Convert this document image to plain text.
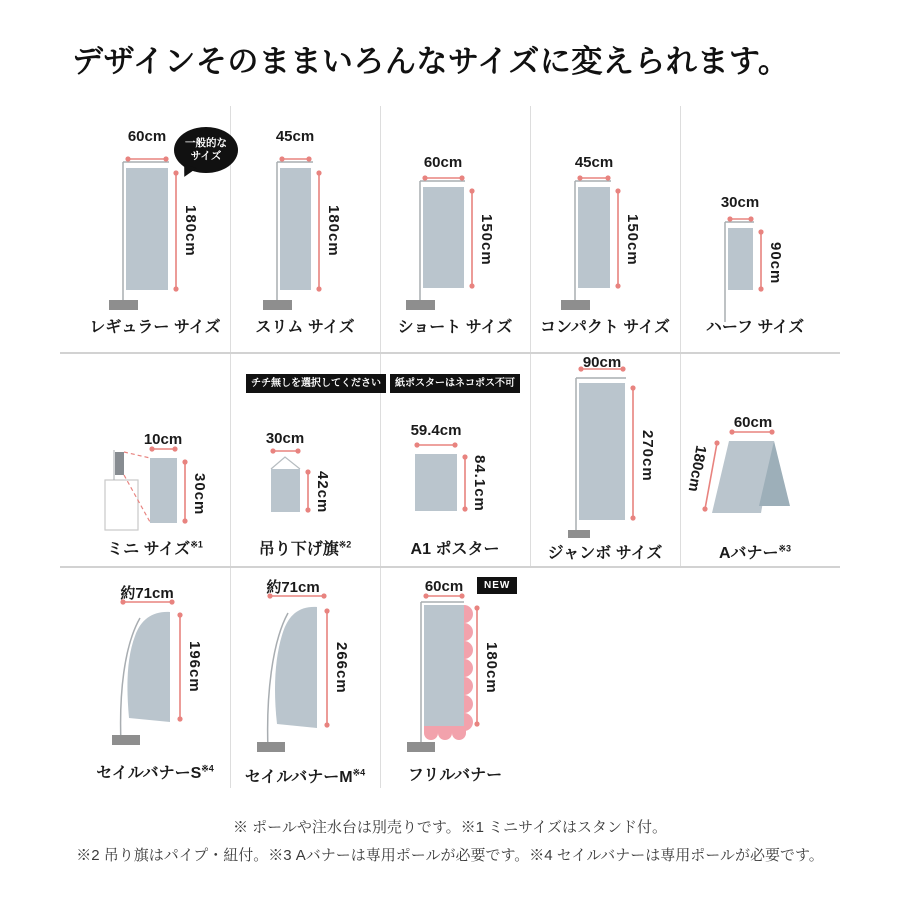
デザインそのままいろんなサイズに変えられます。
60cm
180cm
一般的な
サイズ
レギュラー サイズ
45cm
180cm
スリム サイズ
60cm
150cm
ショート サイズ
45cm
150cm
コンパクト サイズ
30cm
90cm
ハーフ サイズ
10cm
30cm
ミニ サイズ$^{※1}$
チチ無しを選択してください
30cm
42cm
吊り下げ旗$^{※2}$
紙ポスターはネコポス不可
59.4cm
84.1cm
A1 ポスター
90cm
270cm
ジャンボ サイズ
60cm
180cm
Aバナー$^{※3}$
約71cm
196cm
セイルバナー$S^{※4}$
約71cm
266cm
セイルバナー$M^{※4}$
NEW
60cm
180cm
フリルバナー

※ ポールや注水台は別売りです。※1 ミニサイズはスタンド付。

※2 吊り旗はパイプ・紐付。※3 Aバナーは専用ポールが必要です。※4 セイルバナーは専用ポールが必要です。
